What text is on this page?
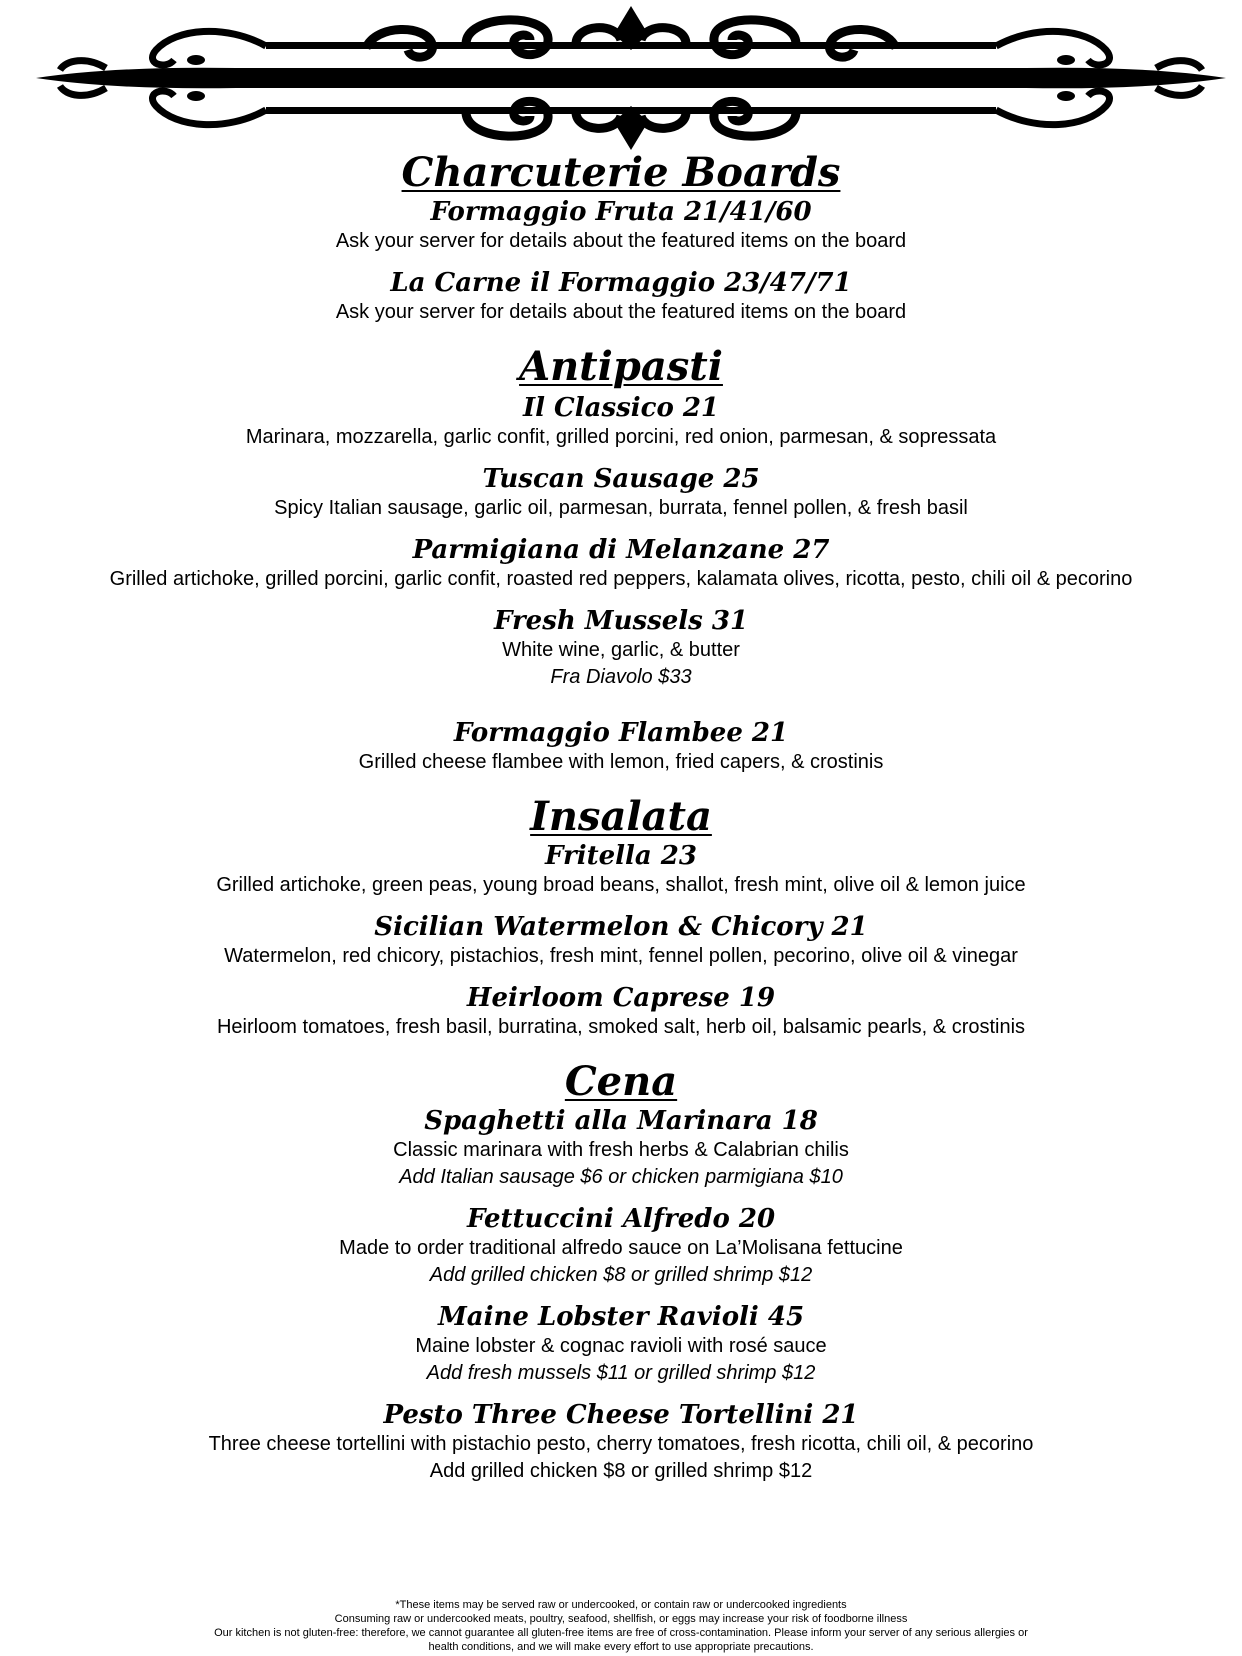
Charcuterie Boards
Formaggio Fruta 21/41/60
Ask your server for details about the featured items on the board
La Carne il Formaggio 23/47/71
Ask your server for details about the featured items on the board
Antipasti
Il Classico 21
Marinara, mozzarella, garlic confit, grilled porcini, red onion, parmesan, & sopressata
Tuscan Sausage 25
Spicy Italian sausage, garlic oil, parmesan, burrata, fennel pollen, & fresh basil
Parmigiana di Melanzane 27
Grilled artichoke, grilled porcini, garlic confit, roasted red peppers, kalamata olives, ricotta, pesto, chili oil & pecorino
Fresh Mussels 31
White wine, garlic, & butter
Fra Diavolo $33
Formaggio Flambee 21
Grilled cheese flambee with lemon, fried capers, & crostinis
Insalata
Fritella 23
Grilled artichoke, green peas, young broad beans, shallot, fresh mint, olive oil & lemon juice
Sicilian Watermelon & Chicory 21
Watermelon, red chicory, pistachios, fresh mint, fennel pollen, pecorino, olive oil & vinegar
Heirloom Caprese 19
Heirloom tomatoes, fresh basil, burratina, smoked salt, herb oil, balsamic pearls, & crostinis
Cena
Spaghetti alla Marinara 18
Classic marinara with fresh herbs & Calabrian chilis
Add Italian sausage $6 or chicken parmigiana $10
Fettuccini Alfredo 20
Made to order traditional alfredo sauce on La’Molisana fettucine
Add grilled chicken $8 or grilled shrimp $12
Maine Lobster Ravioli 45
Maine lobster & cognac ravioli with rosé sauce
Add fresh mussels $11 or grilled shrimp $12
Pesto Three Cheese Tortellini 21
Three cheese tortellini with pistachio pesto, cherry tomatoes, fresh ricotta, chili oil, & pecorino
Add grilled chicken $8 or grilled shrimp $12
*These items may be served raw or undercooked, or contain raw or undercooked ingredients
Consuming raw or undercooked meats, poultry, seafood, shellfish, or eggs may increase your risk of foodborne illness
Our kitchen is not gluten-free: therefore, we cannot guarantee all gluten-free items are free of cross-contamination. Please inform your server of any serious allergies or
health conditions, and we will make every effort to use appropriate precautions.
